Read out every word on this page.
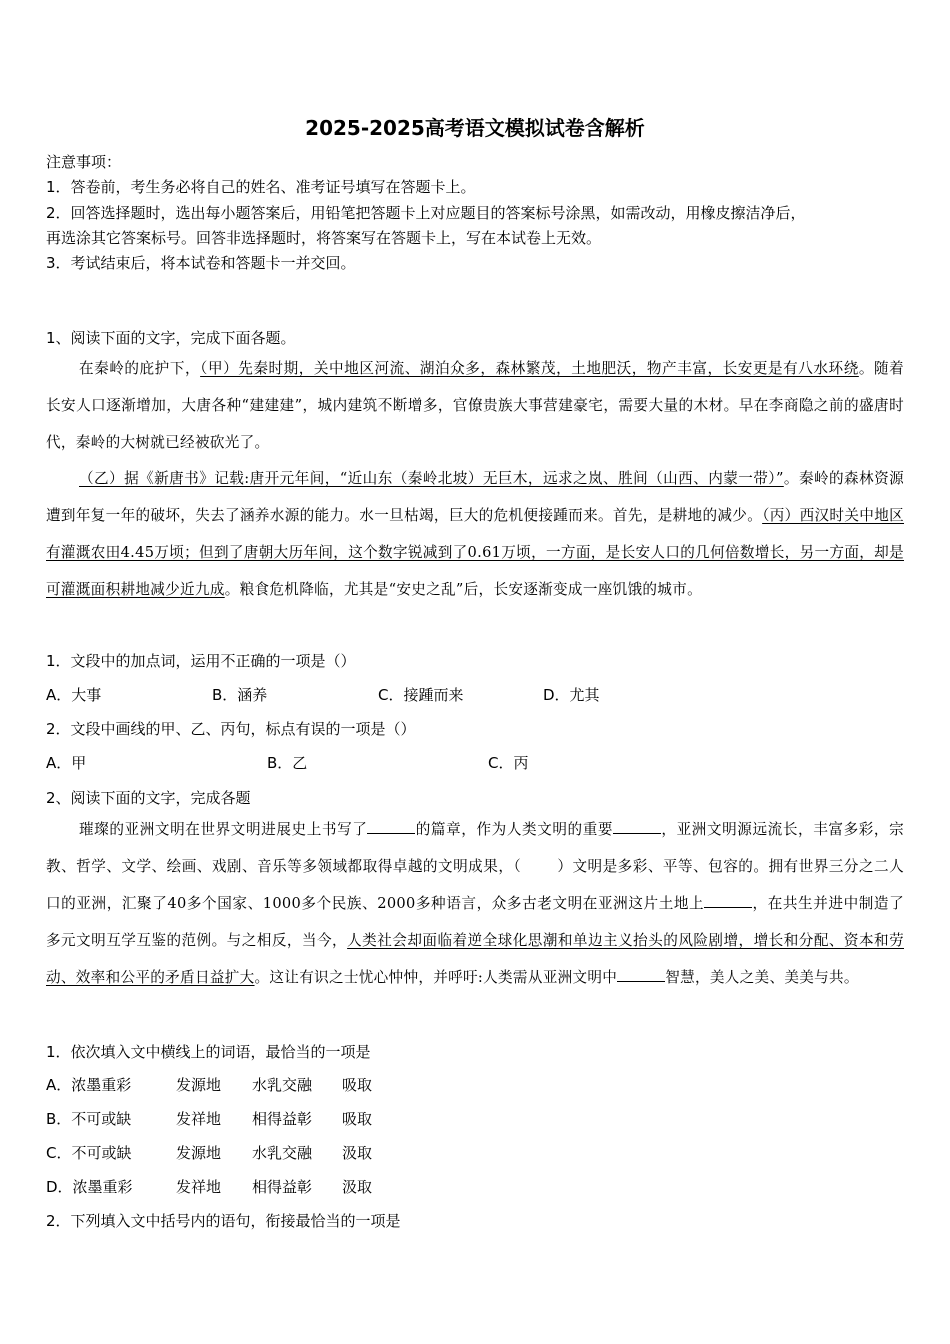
2025-2025高考语文模拟试卷含解析
注意事项：
1．答卷前，考生务必将自己的姓名、准考证号填写在答题卡上。
2．回答选择题时，选出每小题答案后，用铅笔把答题卡上对应题目的答案标号涂黑，如需改动，用橡皮擦洁净后，
再选涂其它答案标号。回答非选择题时，将答案写在答题卡上，写在本试卷上无效。
3．考试结束后，将本试卷和答题卡一并交回。
1、阅读下面的文字，完成下面各题。
在秦岭的庇护下，（甲）先秦时期，关中地区河流、湖泊众多，森林繁茂，土地肥沃，物产丰富，长安更是有八水环绕。随着长安人口逐渐增加，大唐各种“建建建”，城内建筑不断增多，官僚贵族大事营建豪宅，需要大量的木材。早在李商隐之前的盛唐时代，秦岭的大树就已经被砍光了。
（乙）据《新唐书》记载:唐开元年间，“近山东（秦岭北坡）无巨木，远求之岚、胜间（山西、内蒙一带）”。秦岭的森林资源遭到年复一年的破坏，失去了涵养水源的能力。水一旦枯竭，巨大的危机便接踵而来。首先，是耕地的减少。（丙）西汉时关中地区有灌溉农田4.45万顷；但到了唐朝大历年间，这个数字锐减到了0.61万顷，一方面，是长安人口的几何倍数增长，另一方面，却是可灌溉面积耕地减少近九成。粮食危机降临，尤其是“安史之乱”后，长安逐渐变成一座饥饿的城市。
1．文段中的加点词，运用不正确的一项是（）
A．大事	B．涵养	C．接踵而来	D．尤其
2．文段中画线的甲、乙、丙句，标点有误的一项是（）
A．甲	B．乙	C．丙
2、阅读下面的文字，完成各题
璀璨的亚洲文明在世界文明进展史上书写了	的篇章，作为人类文明的重要	，亚洲文明源远流长，丰富多彩，宗教、哲学、文学、绘画、戏剧、音乐等多领域都取得卓越的文明成果，（ ）文明是多彩、平等、包容的。拥有世界三分之二人口的亚洲，汇聚了40多个国家、1000多个民族、2000多种语言，众多古老文明在亚洲这片土地上	，在共生并进中制造了多元文明互学互鉴的范例。与之相反，当今，人类社会却面临着逆全球化思潮和单边主义抬头的风险剧增，增长和分配、资本和劳动、效率和公平的矛盾日益扩大。这让有识之士忧心忡忡，并呼吁:人类需从亚洲文明中	智慧，美人之美、美美与共。
1．依次填入文中横线上的词语，最恰当的一项是
A．浓墨重彩	发源地 水乳交融 吸取
B．不可或缺	发祥地 相得益彰 吸取
C．不可或缺	发源地 水乳交融 汲取
D．浓墨重彩	发祥地 相得益彰 汲取
2．下列填入文中括号内的语句，衔接最恰当的一项是
